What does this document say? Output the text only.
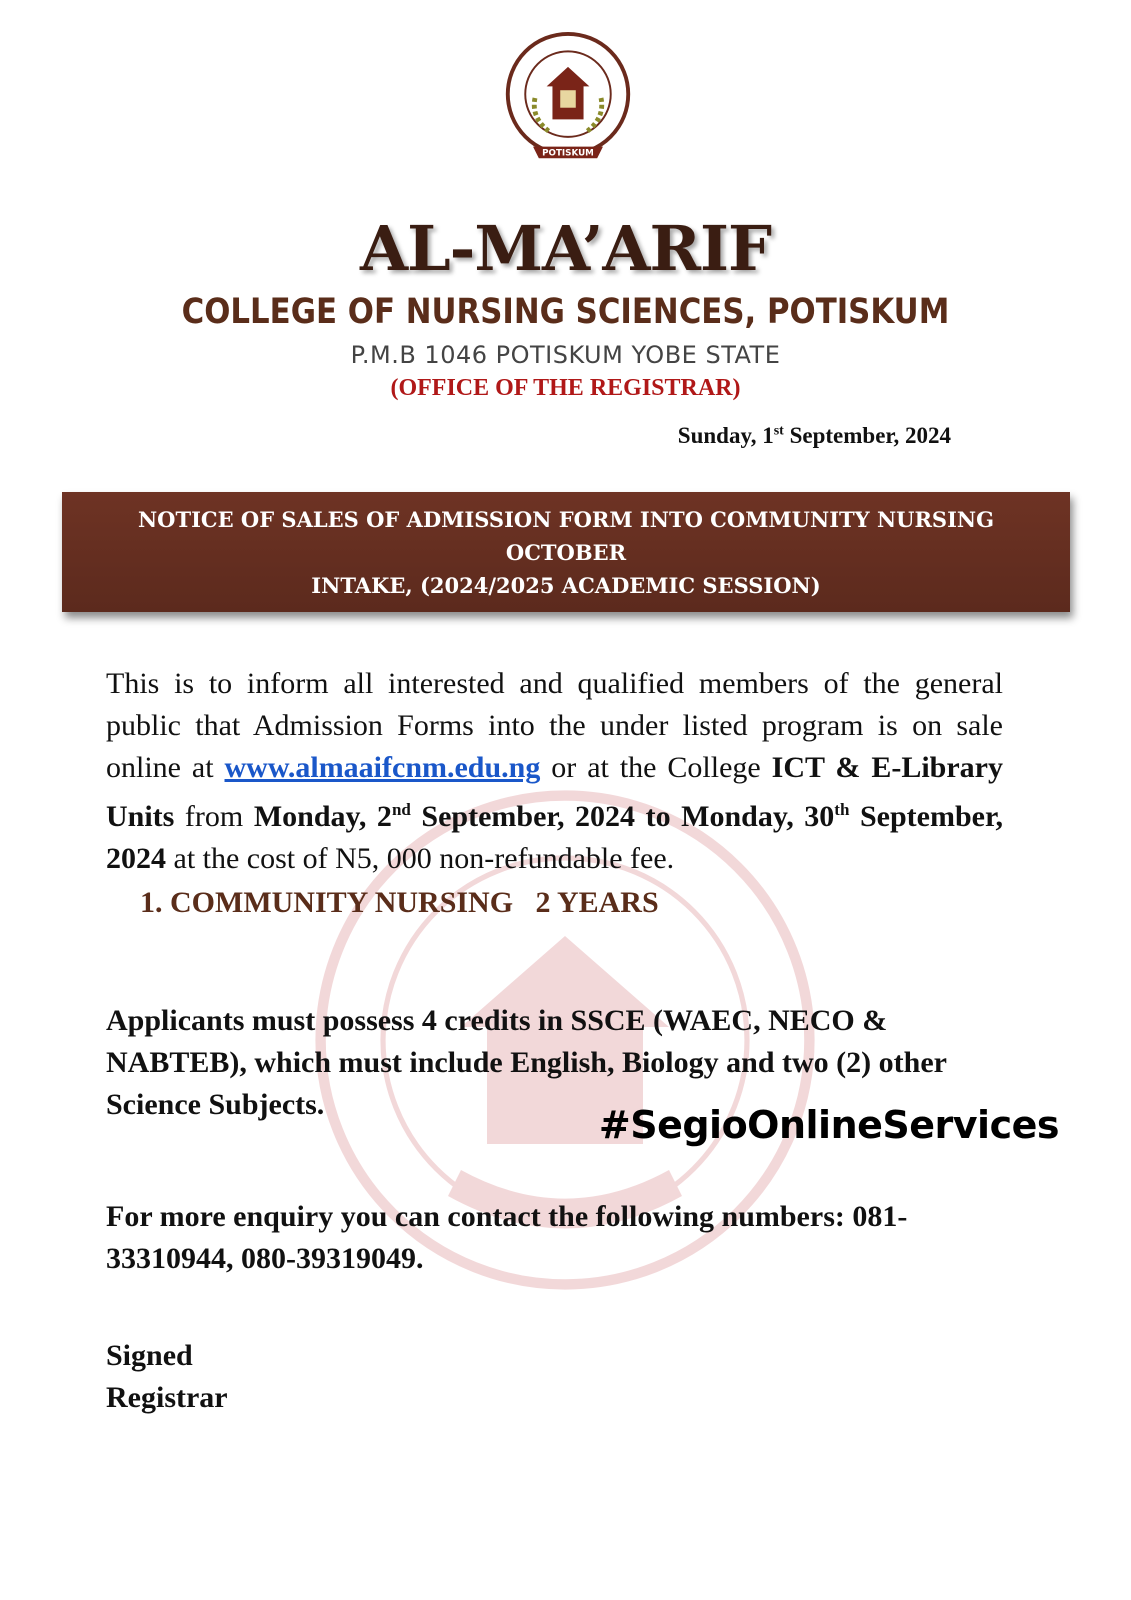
POTISKUM
AL-MA’ARIF
COLLEGE OF NURSING SCIENCES, POTISKUM
P.M.B 1046 POTISKUM YOBE STATE
(OFFICE OF THE REGISTRAR)
Sunday, 1st September, 2024
NOTICE OF SALES OF ADMISSION FORM INTO COMMUNITY NURSING OCTOBER
INTAKE, (2024/2025 ACADEMIC SESSION)
This is to inform all interested and qualified members of the general public that Admission Forms into the under listed program is on sale online at www.almaaifcnm.edu.ng or at the College ICT & E-Library Units from Monday, 2nd September, 2024 to Monday, 30th September, 2024 at the cost of N5, 000 non-refundable fee.
1. COMMUNITY NURSING   2 YEARS
Applicants must possess 4 credits in SSCE (WAEC, NECO & NABTEB), which must include English, Biology and two (2) other Science Subjects.	#SegioOnlineServices
For more enquiry you can contact the following numbers: 081-33310944, 080-39319049.
Signed
Registrar
